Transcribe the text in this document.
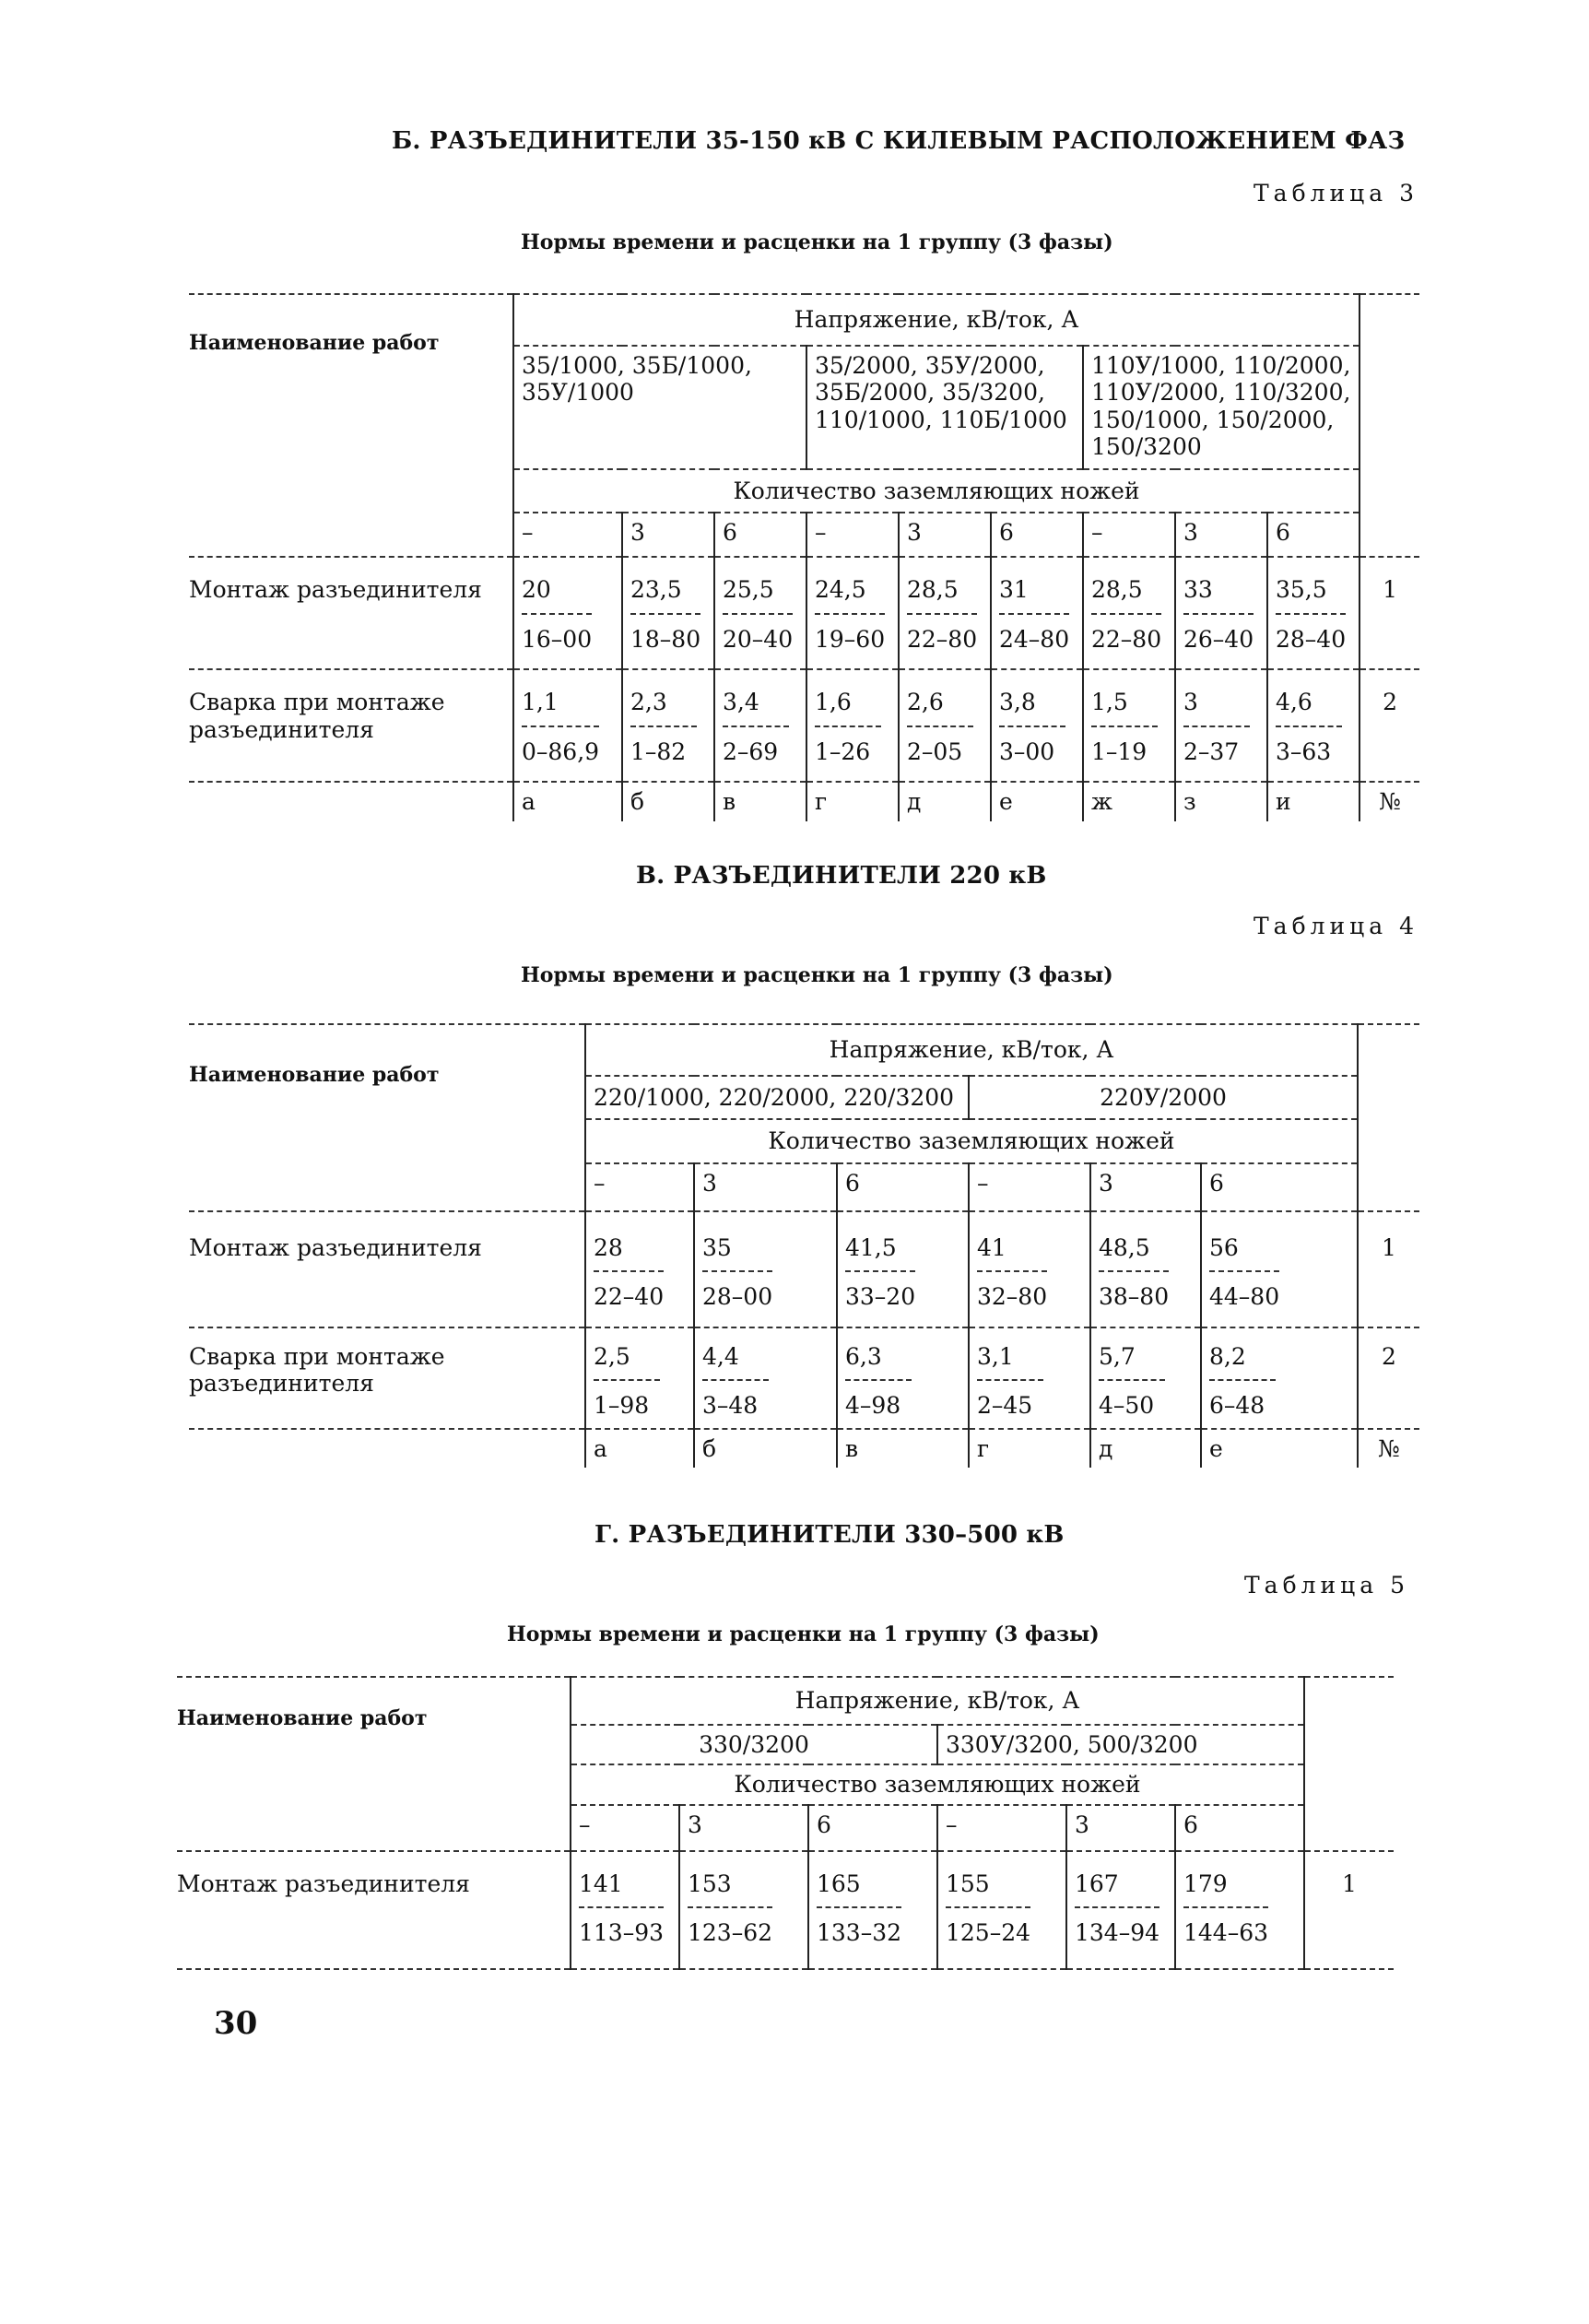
Б. РАЗЪЕДИНИТЕЛИ 35-150 кВ С КИЛЕВЫМ РАСПОЛОЖЕНИЕМ ФАЗ
Таблица 3
Нормы времени и расценки на 1 группу (3 фазы)
Наименование работ	Напряжение, кВ/ток, А									
	35/1000, 35Б/1000, 35У/1000			35/2000, 35У/2000, 35Б/2000, 35/3200, 110/1000, 110Б/1000			110У/1000, 110/2000, 110У/2000, 110/3200, 150/1000, 150/2000, 150/3200			
	Количество заземляющих ножей									
	–	3	6	–	3	6	–	3	6	
Монтаж разъединителя	$\frac{20}{16-00}$	$\frac{23,5}{18-80}$	$\frac{25,5}{20-40}$	$\frac{24,5}{19-60}$	$\frac{28,5}{22-80}$	$\frac{31}{24-80}$	$\frac{28,5}{22-80}$	$\frac{33}{26-40}$	$\frac{35,5}{28-40}$	1
Сварка при монтаже разъединителя	$\frac{1,1}{0-86,9}$	$\frac{2,3}{1-82}$	$\frac{3,4}{2-69}$	$\frac{1,6}{1-26}$	$\frac{2,6}{2-05}$	$\frac{3,8}{3-00}$	$\frac{1,5}{1-19}$	$\frac{3}{2-37}$	$\frac{4,6}{3-63}$	2
	а	б	в	г	д	е	ж	з	и	№
В. РАЗЪЕДИНИТЕЛИ 220 кВ
Таблица 4
Нормы времени и расценки на 1 группу (3 фазы)
Наименование работ	Напряжение, кВ/ток, А						
	220/1000, 220/2000, 220/3200			220У/2000			
	Количество заземляющих ножей						
	–	3	6	–	3	6	
Монтаж разъединителя	$\frac{28}{22-40}$	$\frac{35}{28-00}$	$\frac{41,5}{33-20}$	$\frac{41}{32-80}$	$\frac{48,5}{38-80}$	$\frac{56}{44-80}$	1
Сварка при монтаже разъединителя	$\frac{2,5}{1-98}$	$\frac{4,4}{3-48}$	$\frac{6,3}{4-98}$	$\frac{3,1}{2-45}$	$\frac{5,7}{4-50}$	$\frac{8,2}{6-48}$	2
	а	б	в	г	д	е	№
Г. РАЗЪЕДИНИТЕЛИ 330–500 кВ
Таблица 5
Нормы времени и расценки на 1 группу (3 фазы)
Наименование работ	Напряжение, кВ/ток, А						
	330/3200			330У/3200, 500/3200			
	Количество заземляющих ножей						
	–	3	6	–	3	6	
Монтаж разъединителя	$\frac{141}{113-93}$	$\frac{153}{123-62}$	$\frac{165}{133-32}$	$\frac{155}{125-24}$	$\frac{167}{134-94}$	$\frac{179}{144-63}$	1
30
